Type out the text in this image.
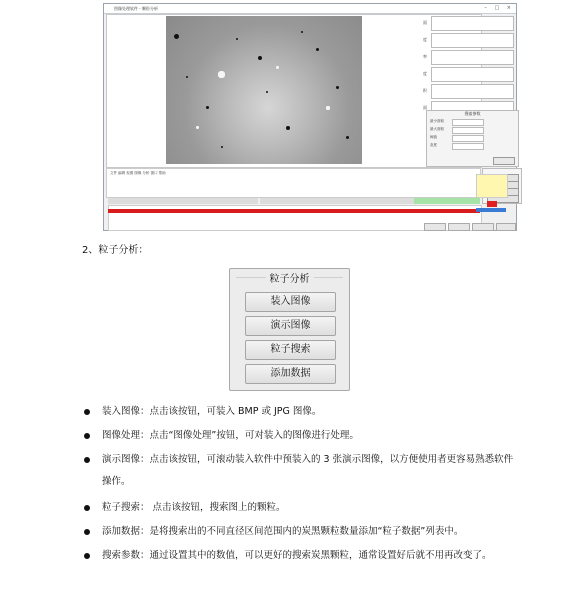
图像处理软件 - 颗粒分析	– □ ×
面
度
率
度
积
面
搜索参数
最小面积
最大面积
阈值
灰度
文件 编辑 视图 图像 分析 窗口 帮助
2、粒子分析：
粒子分析
装入图像
演示图像
粒子搜索
添加数据
装入图像：点击该按钮，可装入 BMP 或 JPG 图像。
图像处理：点击“图像处理”按钮，可对装入的图像进行处理。
演示图像：点击该按钮，可滚动装入软件中预装入的 3 张演示图像，以方便使用者更容易熟悉软件操作。
粒子搜索： 点击该按钮，搜索图上的颗粒。
添加数据：是将搜索出的不同直径区间范围内的炭黑颗粒数量添加“粒子数据”列表中。
搜索参数：通过设置其中的数值，可以更好的搜索炭黑颗粒，通常设置好后就不用再改变了。
